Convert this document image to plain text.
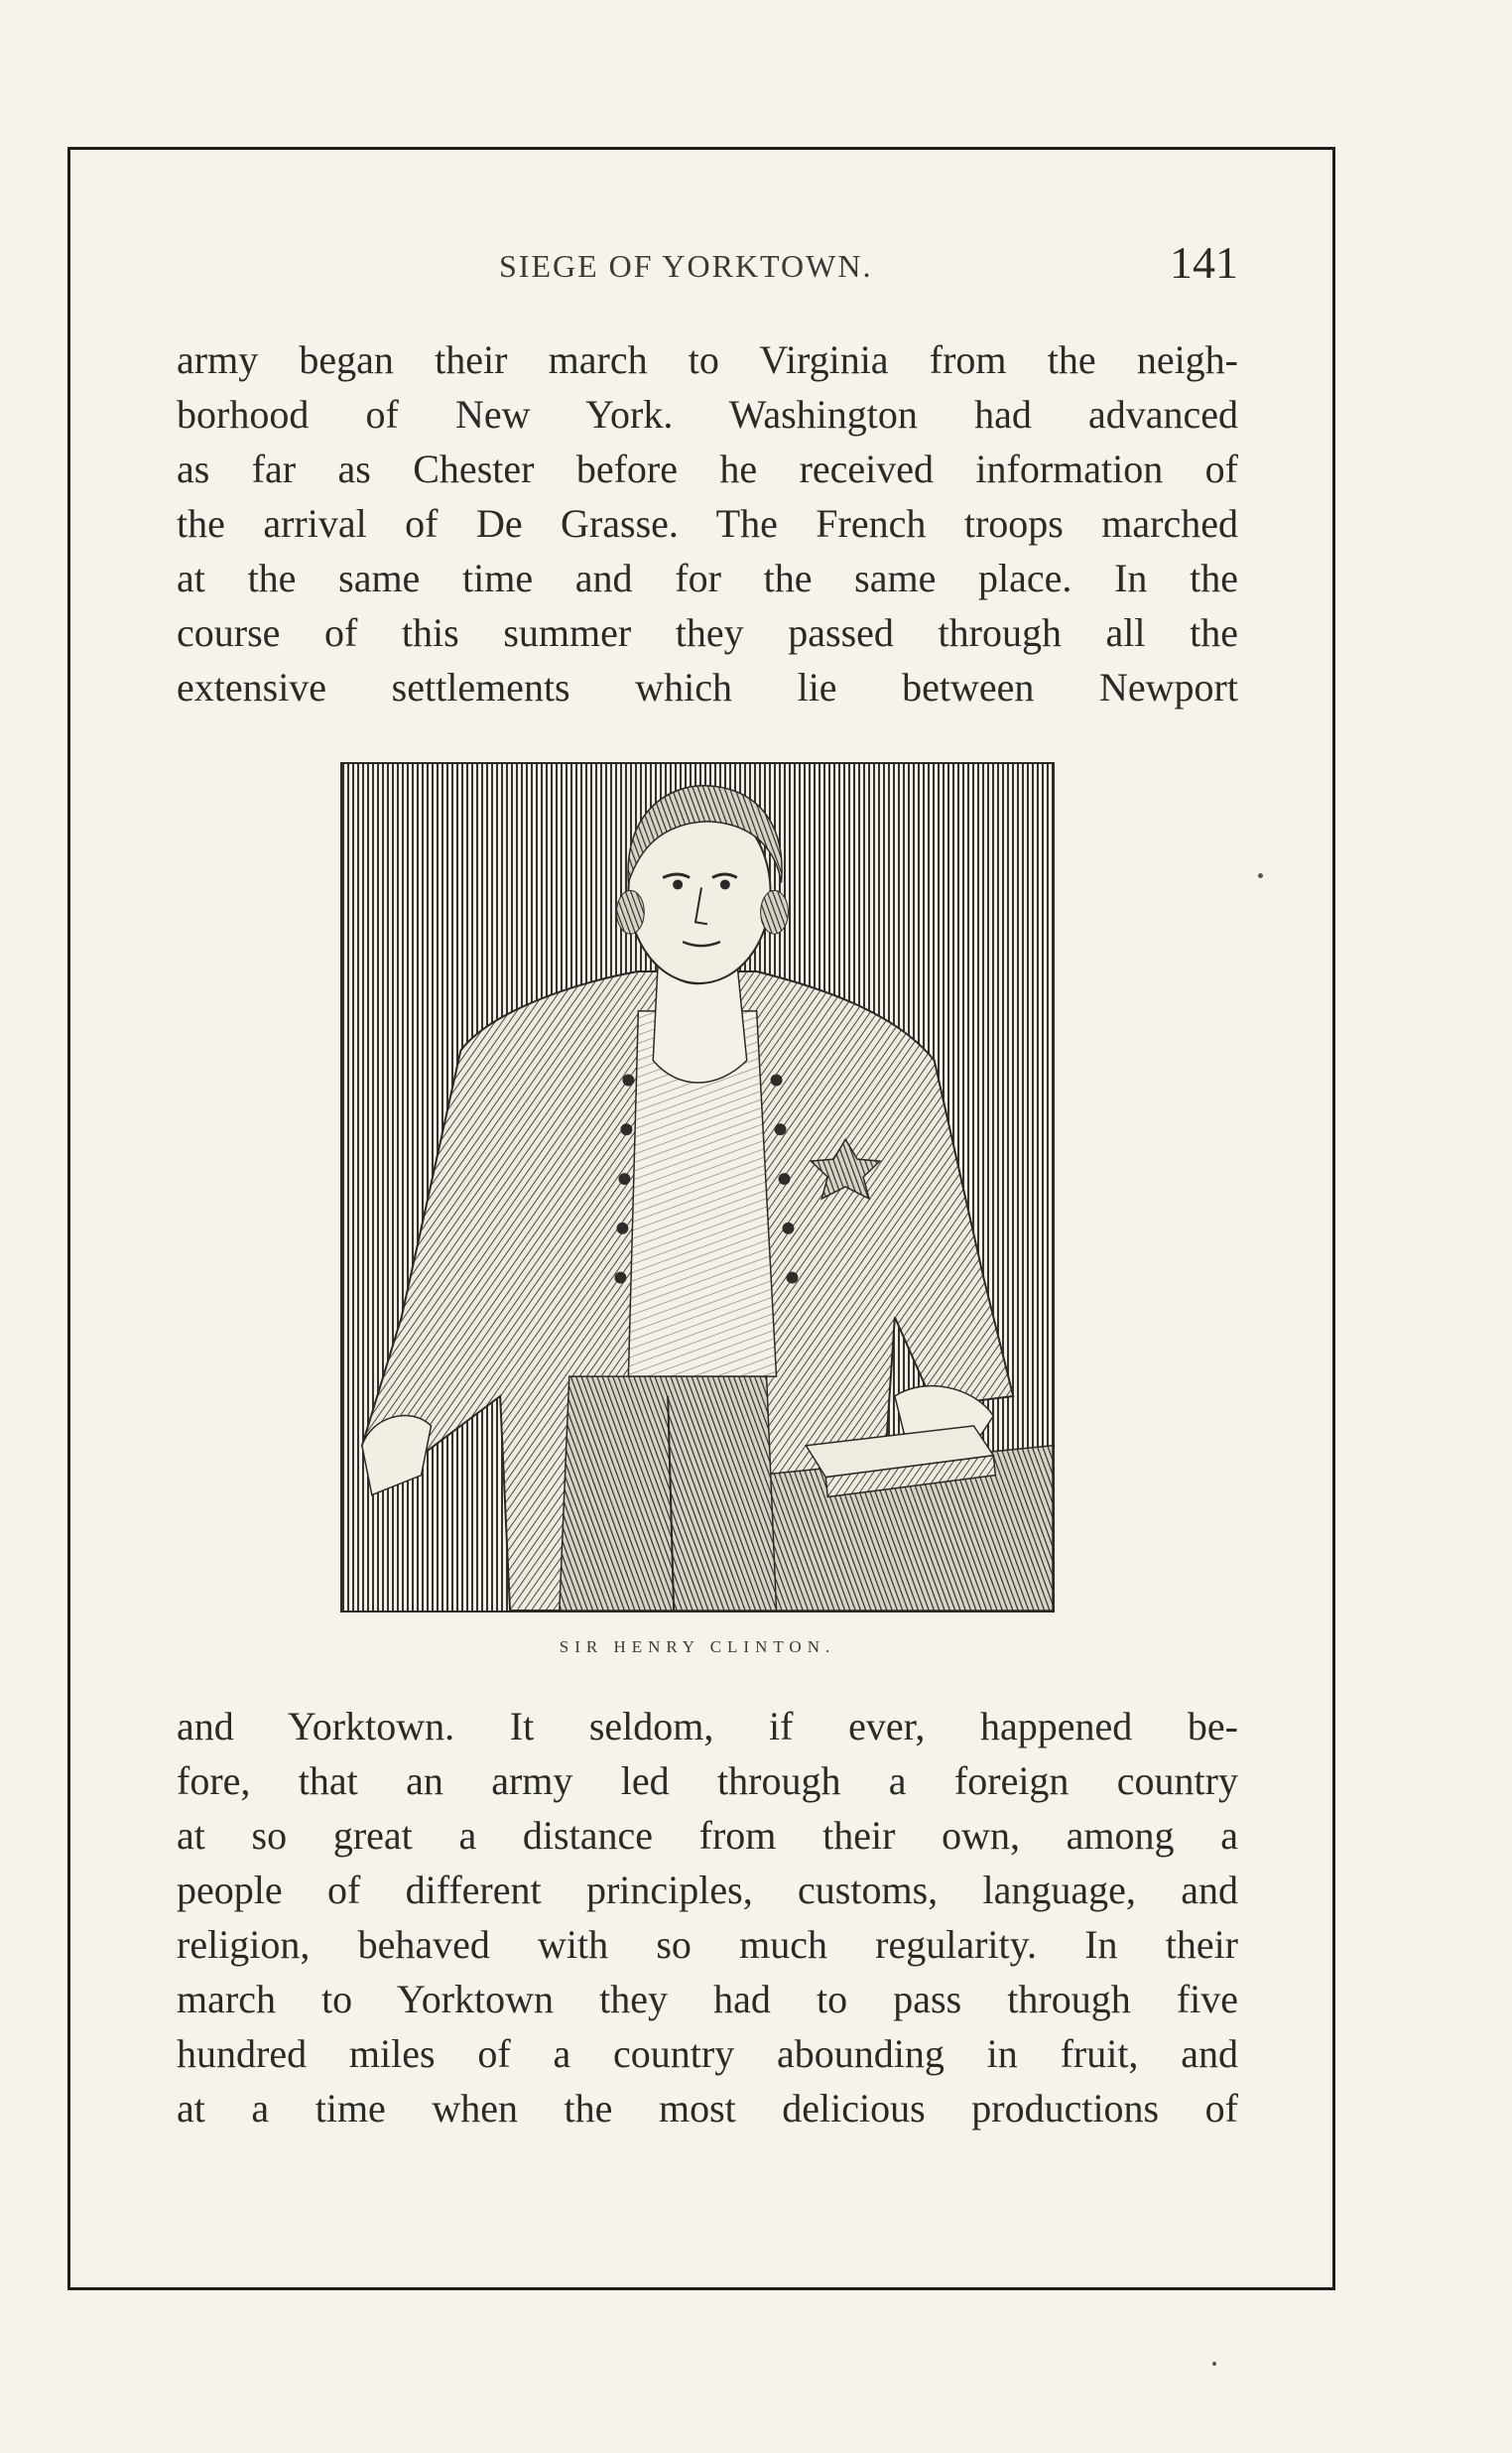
SIEGE OF YORKTOWN.	141
army began their march to Virginia from the neigh-
borhood of New York. Washington had advanced
as far as Chester before he received information of
the arrival of De Grasse. The French troops marched
at the same time and for the same place. In the
course of this summer they passed through all the
extensive settlements which lie between Newport
SIR HENRY CLINTON.
and Yorktown. It seldom, if ever, happened be-
fore, that an army led through a foreign country
at so great a distance from their own, among a
people of different principles, customs, language, and
religion, behaved with so much regularity. In their
march to Yorktown they had to pass through five
hundred miles of a country abounding in fruit, and
at a time when the most delicious productions of
